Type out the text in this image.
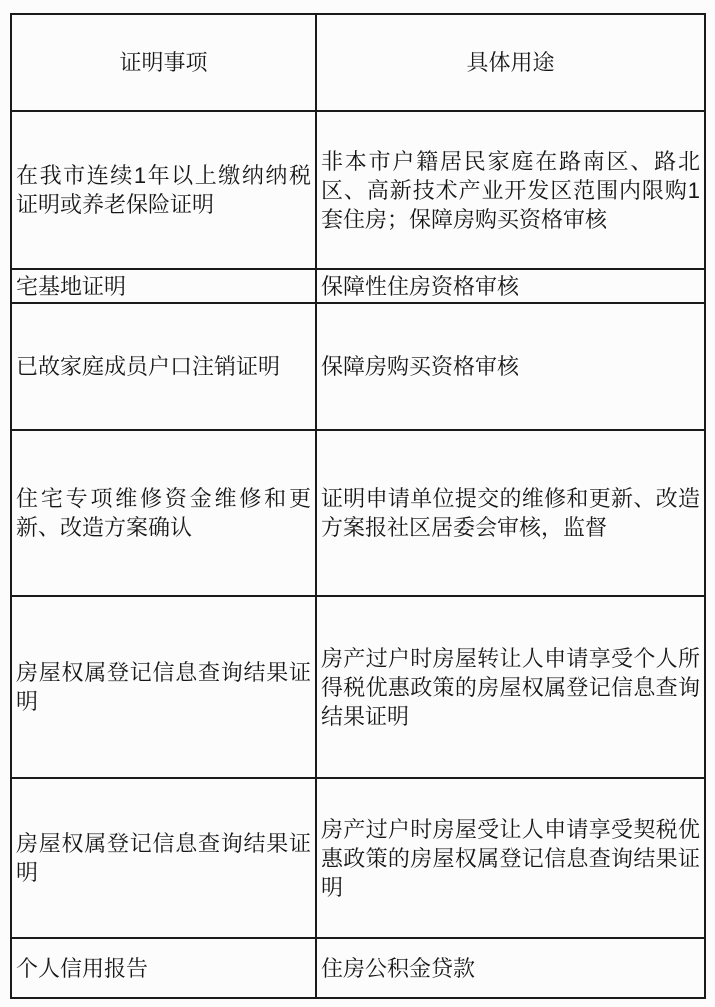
证明事项	具体用途
在我市连续1年以上缴纳纳税证明或养老保险证明	非本市户籍居民家庭在路南区、路北区、高新技术产业开发区范围内限购1套住房；保障房购买资格审核
宅基地证明	保障性住房资格审核
已故家庭成员户口注销证明	保障房购买资格审核
住宅专项维修资金维修和更新、改造方案确认	证明申请单位提交的维修和更新、改造方案报社区居委会审核，监督
房屋权属登记信息查询结果证明	房产过户时房屋转让人申请享受个人所得税优惠政策的房屋权属登记信息查询结果证明
房屋权属登记信息查询结果证明	房产过户时房屋受让人申请享受契税优惠政策的房屋权属登记信息查询结果证明
个人信用报告	住房公积金贷款
